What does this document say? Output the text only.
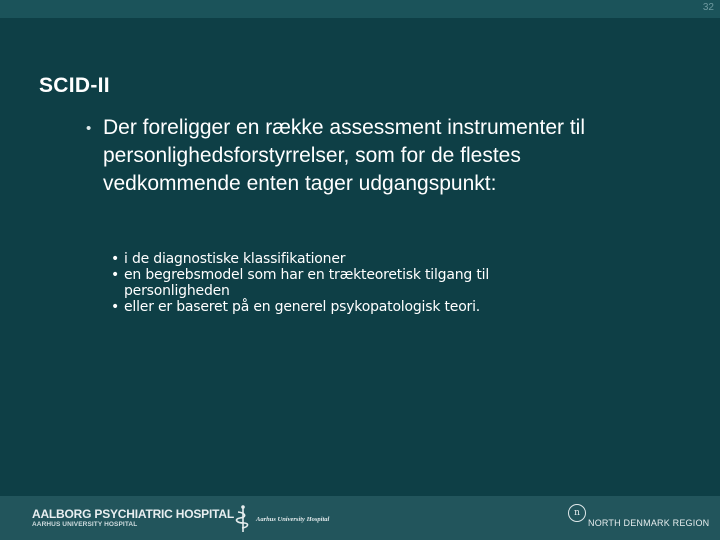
32
SCID-II
• Der foreligger en række assessment instrumenter til personlighedsforstyrrelser, som for de flestes vedkommende enten tager udgangspunkt:
• i de diagnostiske klassifikationer
• en begrebsmodel som har en trækteoretisk tilgang til personligheden
• eller er baseret på en generel psykopatologisk teori.
AALBORG PSYCHIATRIC HOSPITAL
AARHUS UNIVERSITY HOSPITAL
Aarhus University Hospital
n
NORTH DENMARK REGION
